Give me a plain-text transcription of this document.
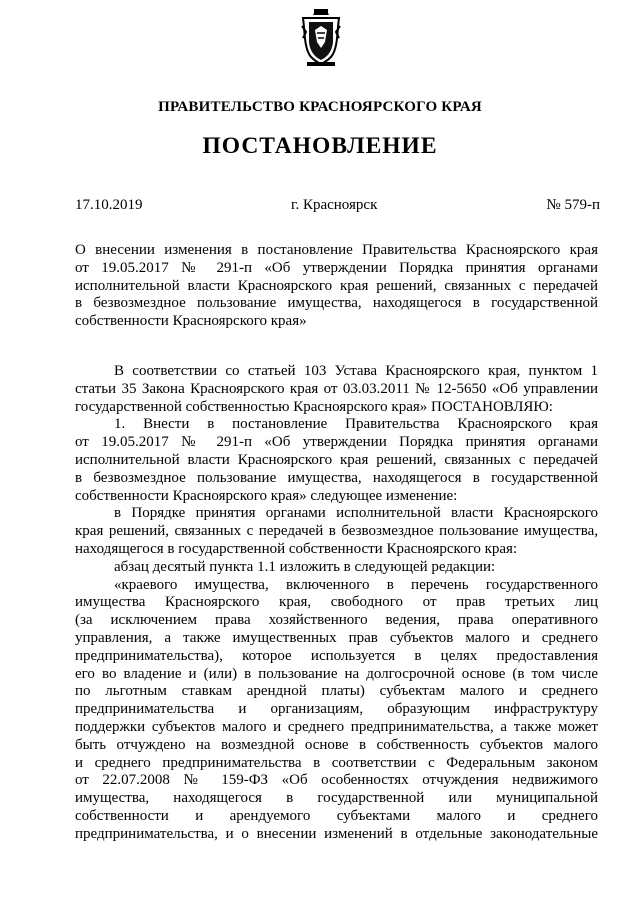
ПРАВИТЕЛЬСТВО КРАСНОЯРСКОГО КРАЯ
ПОСТАНОВЛЕНИЕ
17.10.2019	г. Красноярск	№ 579-п
О внесении изменения в постановление Правительства Красноярского края
от 19.05.2017 № 291-п «Об утверждении Порядка принятия органами
исполнительной власти Красноярского края решений, связанных с передачей
в безвозмездное пользование имущества, находящегося в государственной
собственности Красноярского края»
В соответствии со статьей 103 Устава Красноярского края, пунктом 1
статьи 35 Закона Красноярского края от 03.03.2011 № 12-5650 «Об управлении
государственной собственностью Красноярского края» ПОСТАНОВЛЯЮ:
1. Внести в постановление Правительства Красноярского края
от 19.05.2017 № 291-п «Об утверждении Порядка принятия органами
исполнительной власти Красноярского края решений, связанных с передачей
в безвозмездное пользование имущества, находящегося в государственной
собственности Красноярского края» следующее изменение:
в Порядке принятия органами исполнительной власти Красноярского
края решений, связанных с передачей в безвозмездное пользование имущества,
находящегося в государственной собственности Красноярского края:
абзац десятый пункта 1.1 изложить в следующей редакции:
«краевого имущества, включенного в перечень государственного
имущества Красноярского края, свободного от прав третьих лиц
(за исключением права хозяйственного ведения, права оперативного
управления, а также имущественных прав субъектов малого и среднего
предпринимательства), которое используется в целях предоставления
его во владение и (или) в пользование на долгосрочной основе (в том числе
по льготным ставкам арендной платы) субъектам малого и среднего
предпринимательства и организациям, образующим инфраструктуру
поддержки субъектов малого и среднего предпринимательства, а также может
быть отчуждено на возмездной основе в собственность субъектов малого
и среднего предпринимательства в соответствии с Федеральным законом
от 22.07.2008 № 159-ФЗ «Об особенностях отчуждения недвижимого
имущества, находящегося в государственной или муниципальной
собственности и арендуемого субъектами малого и среднего
предпринимательства, и о внесении изменений в отдельные законодательные
